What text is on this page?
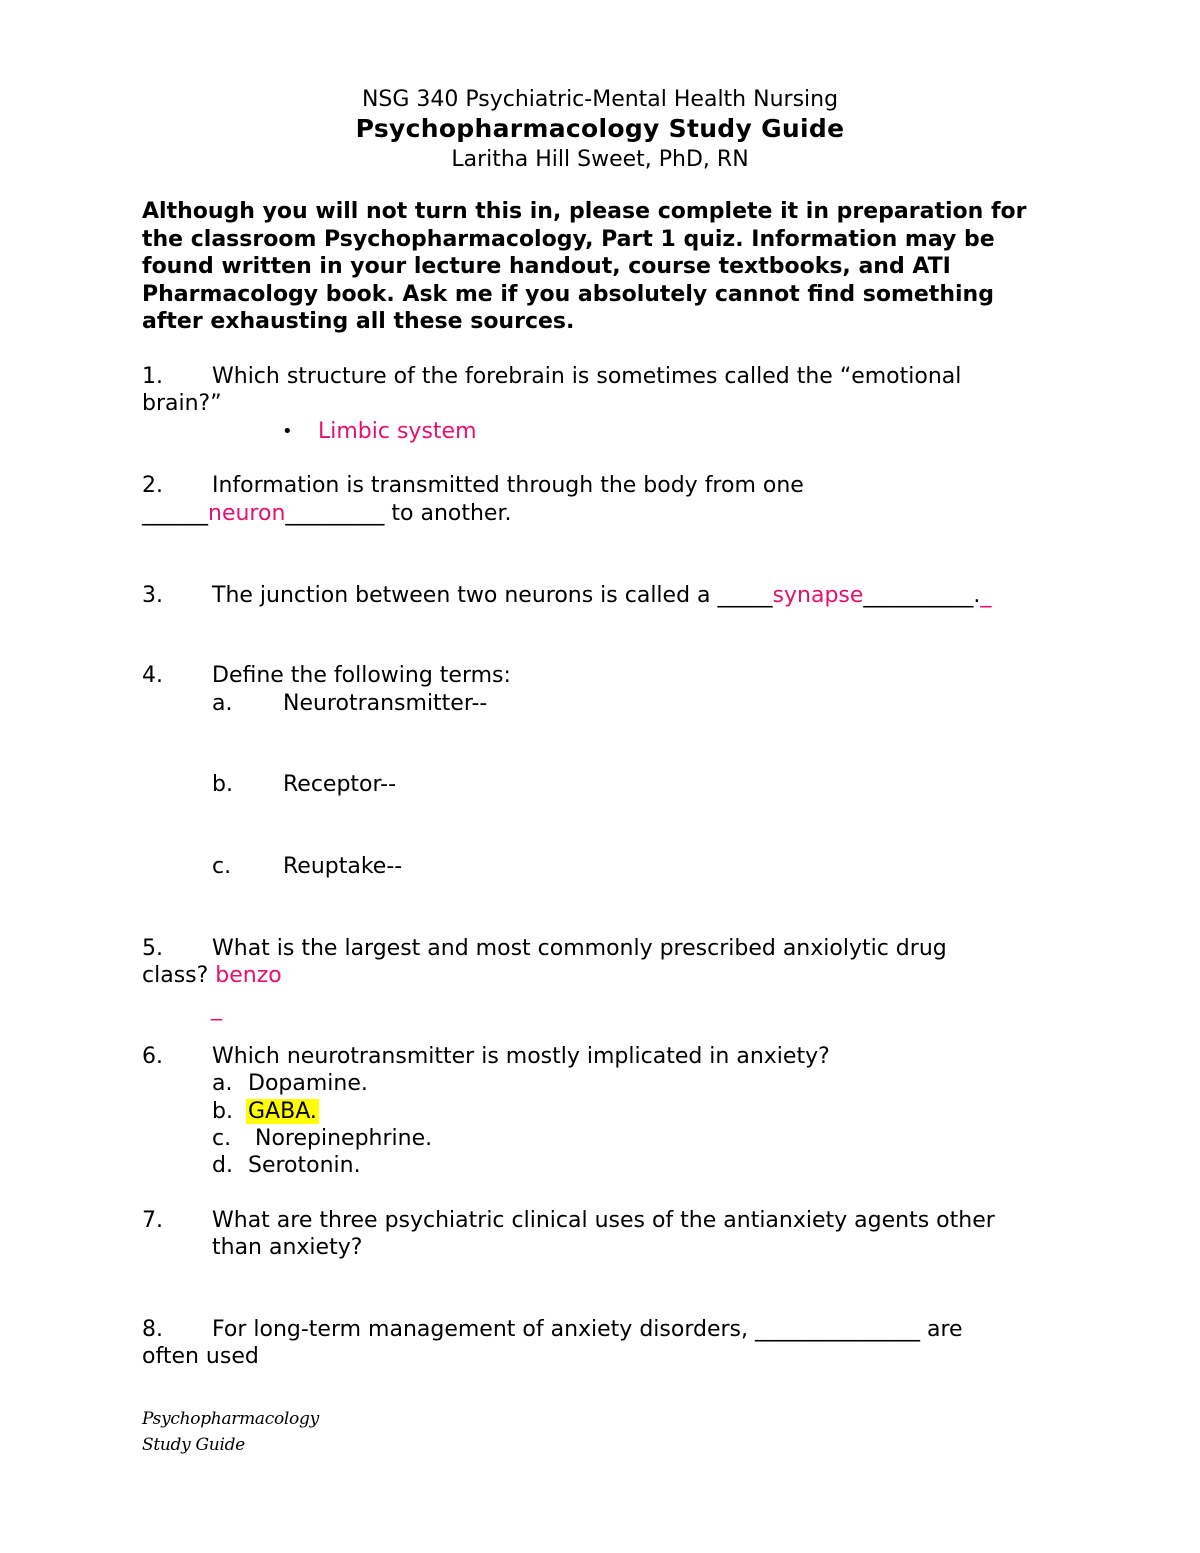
NSG 340 Psychiatric-Mental Health Nursing
Psychopharmacology Study Guide
Laritha Hill Sweet, PhD, RN
Although you will not turn this in, please complete it in preparation for
the classroom Psychopharmacology, Part 1 quiz. Information may be
found written in your lecture handout, course textbooks, and ATI
Pharmacology book. Ask me if you absolutely cannot find something
after exhausting all these sources.
1. Which structure of the forebrain is sometimes called the “emotional
brain?”
• Limbic system
2. Information is transmitted through the body from one
______neuron_________ to another.
3. The junction between two neurons is called a _____synapse__________._
4. Define the following terms:
a. Neurotransmitter--
b. Receptor--
c. Reuptake--
5. What is the largest and most commonly prescribed anxiolytic drug
class? benzo
_
6. Which neurotransmitter is mostly implicated in anxiety?
a. Dopamine.
b. GABA.
c. Norepinephrine.
d. Serotonin.
7. What are three psychiatric clinical uses of the antianxiety agents other
than anxiety?
8. For long-term management of anxiety disorders, _______________ are
often used
Psychopharmacology
Study Guide
